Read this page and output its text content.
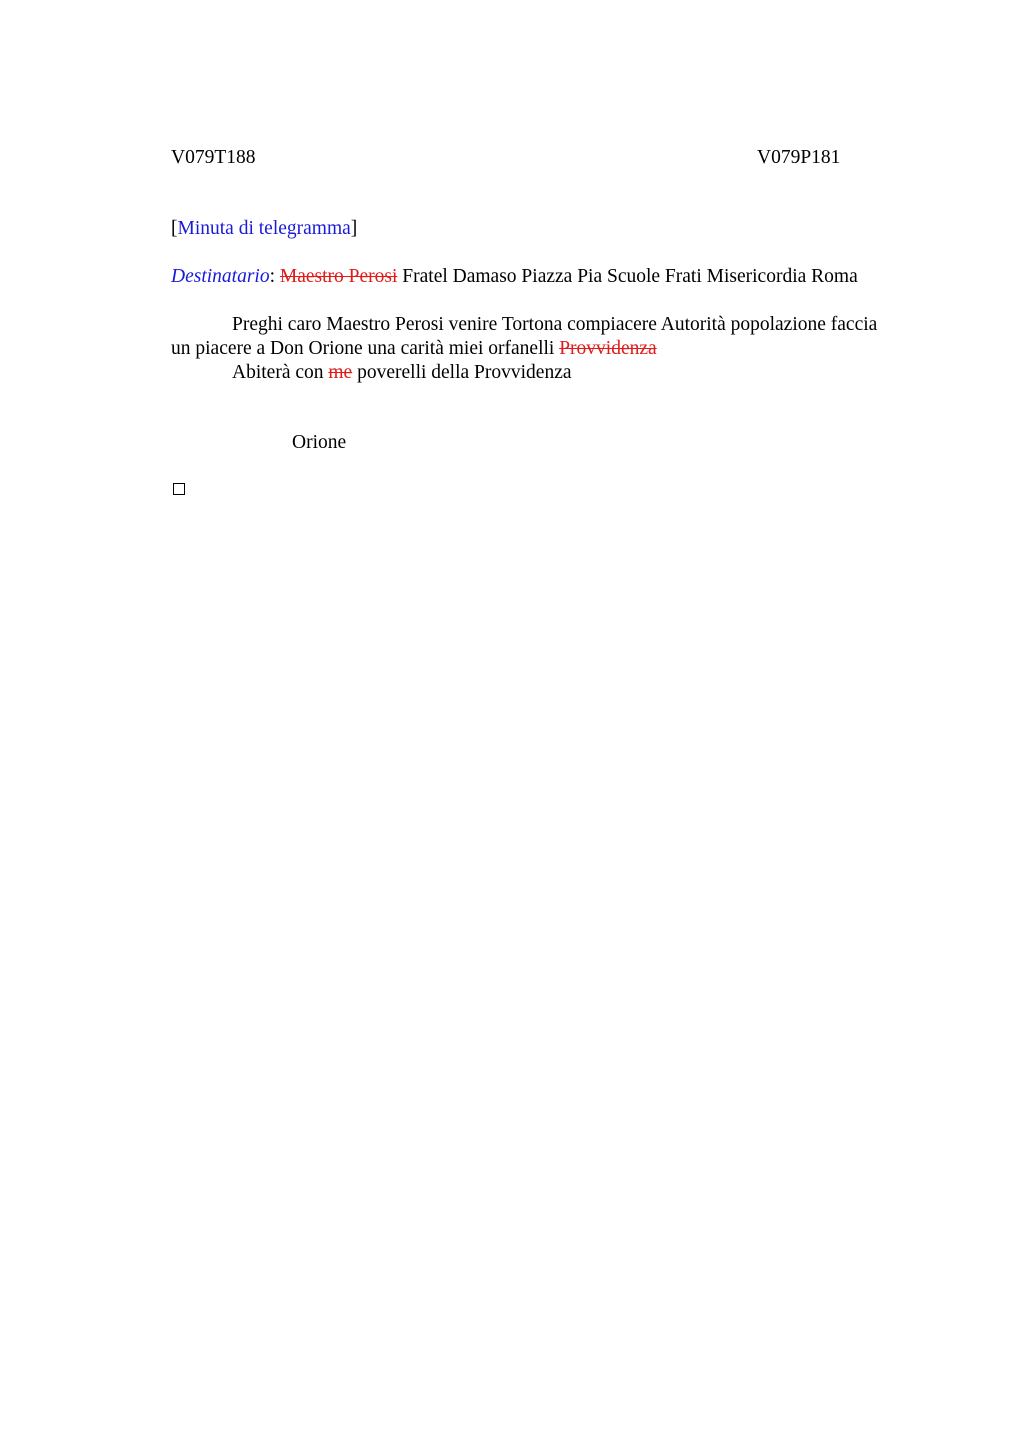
V079T188	V079P181
[Minuta di telegramma]
Destinatario: Maestro Perosi Fratel Damaso Piazza Pia Scuole Frati Misericordia Roma
Preghi caro Maestro Perosi venire Tortona compiacere Autorità popolazione faccia
un piacere a Don Orione una carità miei orfanelli Provvidenza
Abiterà con me poverelli della Provvidenza
Orione
